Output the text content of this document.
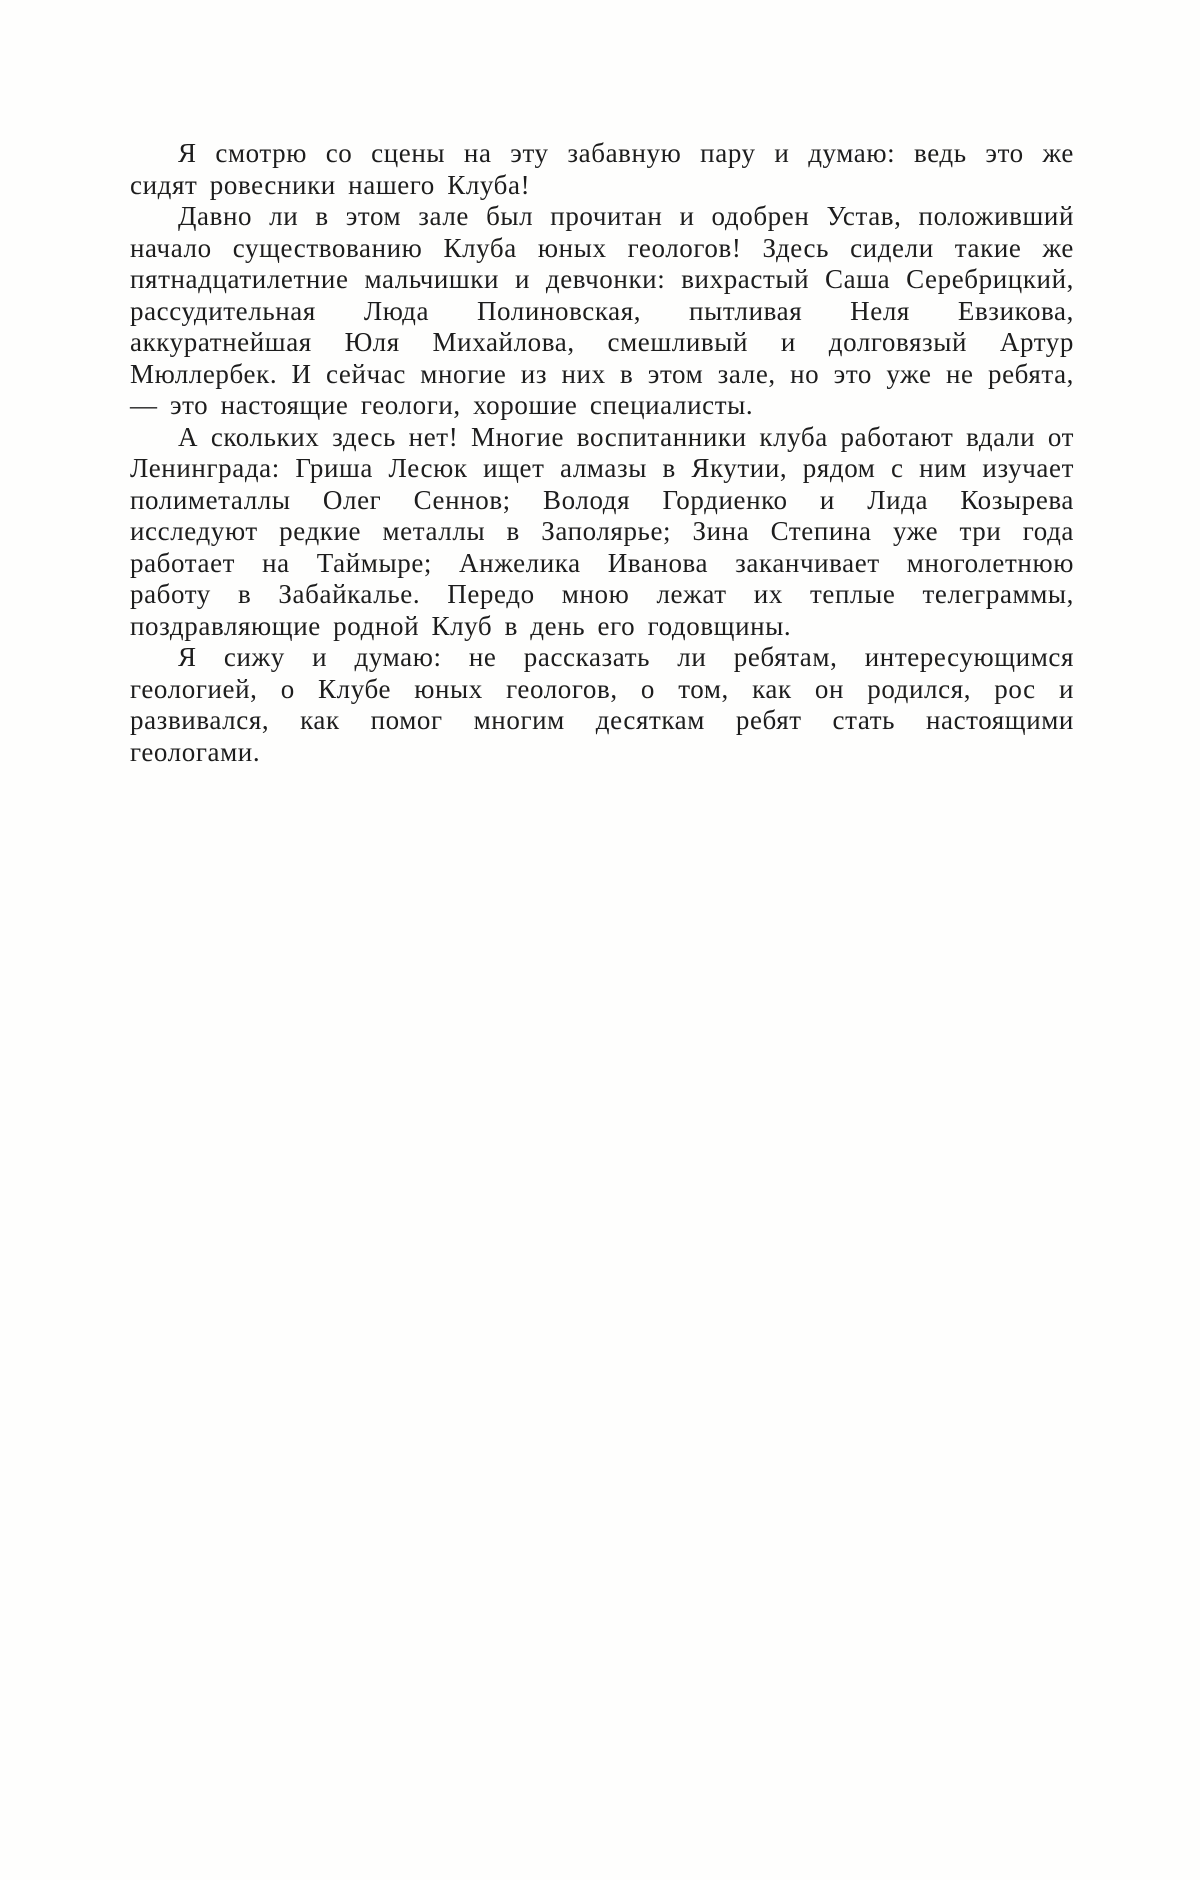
Я смотрю со сцены на эту забавную пару и думаю: ведь это же сидят ровесники нашего Клуба!

Давно ли в этом зале был прочитан и одобрен Устав, положивший начало существованию Клуба юных геологов! Здесь сидели такие же пятнадцатилетние мальчишки и девчонки: вихрастый Саша Серебрицкий, рассудительная Люда Полиновская, пытливая Неля Евзикова, аккуратнейшая Юля Михайлова, смешливый и долговязый Артур Мюллербек. И сейчас многие из них в этом зале, но это уже не ребята, — это настоящие геологи, хорошие специалисты.

А скольких здесь нет! Многие воспитанники клуба работают вдали от Ленинграда: Гриша Лесюк ищет алмазы в Якутии, рядом с ним изучает полиметаллы Олег Сеннов; Володя Гордиенко и Лида Козырева исследуют редкие металлы в Заполярье; Зина Степина уже три года работает на Таймыре; Анжелика Иванова заканчивает многолетнюю работу в Забайкалье. Передо мною лежат их теплые телеграммы, поздравляющие родной Клуб в день его годовщины.

Я сижу и думаю: не рассказать ли ребятам, интересующимся геологией, о Клубе юных геологов, о том, как он родился, рос и развивался, как помог многим десяткам ребят стать настоящими геологами.
